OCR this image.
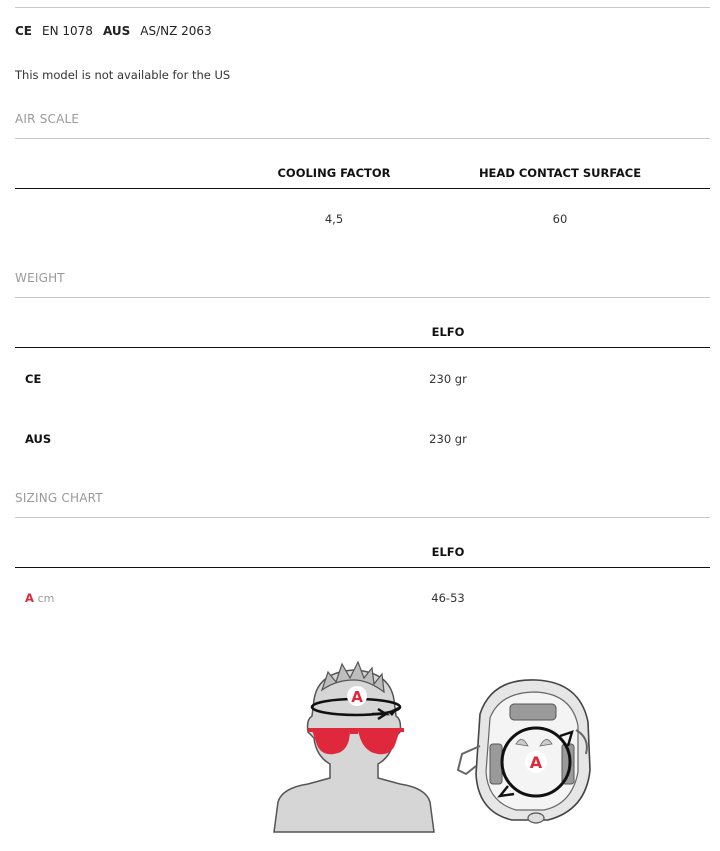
CE EN 1078 AUS AS/NZ 2063
This model is not available for the US
AIR SCALE
COOLING FACTOR	HEAD CONTACT SURFACE
4,5	60
WEIGHT
ELFO
CE	230 gr
AUS	230 gr
SIZING CHART
ELFO
A cm	46-53
A
A
